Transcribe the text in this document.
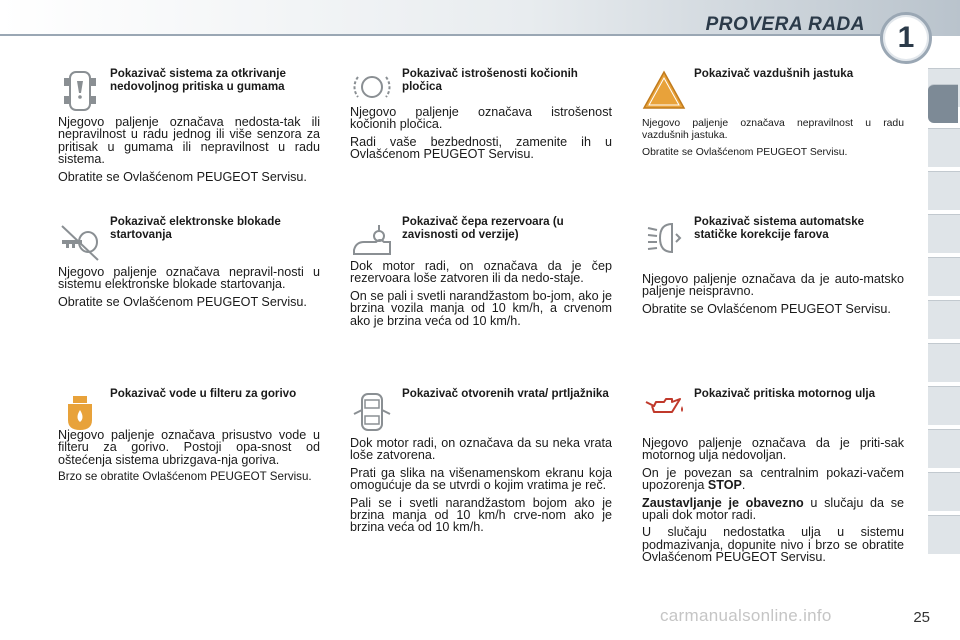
PROVERA RADA	1
Pokazivač sistema za otkrivanje nedovoljnog pritiska u gumama

Njegovo paljenje označava nedosta-tak ili nepravilnost u radu jednog ili više senzora za pritisak u gumama ili nepravilnost u radu sistema.

Obratite se Ovlašćenom PEUGEOT Servisu.

Pokazivač istrošenosti kočionih pločica

Njegovo paljenje označava istrošenost kočionih pločica.

Radi vaše bezbednosti, zamenite ih u Ovlašćenom PEUGEOT Servisu.

Pokazivač vazdušnih jastuka

Njegovo paljenje označava nepravilnost u radu vazdušnih jastuka.

Obratite se Ovlašćenom PEUGEOT Servisu.

Pokazivač elektronske blokade startovanja

Njegovo paljenje označava nepravil-nosti u sistemu elektronske blokade startovanja.

Obratite se Ovlašćenom PEUGEOT Servisu.

Pokazivač čepa rezervoara (u zavisnosti od verzije)

Dok motor radi, on označava da je čep rezervoara loše zatvoren ili da nedo-staje.

On se pali i svetli narandžastom bo-jom, ako je brzina vozila manja od 10 km/h, a crvenom ako je brzina veća od 10 km/h.

Pokazivač sistema automatske statičke korekcije farova

Njegovo paljenje označava da je auto-matsko paljenje neispravno.

Obratite se Ovlašćenom PEUGEOT Servisu.

Pokazivač vode u filteru za gorivo

Njegovo paljenje označava prisustvo vode u filteru za gorivo. Postoji opa-snost od oštećenja sistema ubrizgava-nja goriva.

Brzo se obratite Ovlašćenom PEUGEOT Servisu.

Pokazivač otvorenih vrata/ prtljažnika

Dok motor radi, on označava da su neka vrata loše zatvorena.

Prati ga slika na višenamenskom ekranu koja omogućuje da se utvrdi o kojim vratima je reč.

Pali se i svetli narandžastom bojom ako je brzina manja od 10 km/h crve-nom ako je brzina veća od 10 km/h.

Pokazivač pritiska motornog ulja

Njegovo paljenje označava da je priti-sak motornog ulja nedovoljan.

On je povezan sa centralnim pokazi-vačem upozorenja STOP.

Zaustavljanje je obavezno u slučaju da se upali dok motor radi.

U slučaju nedostatka ulja u sistemu podmazivanja, dopunite nivo i brzo se obratite Ovlašćenom PEUGEOT Servisu.

carmanualsonline.info	25
